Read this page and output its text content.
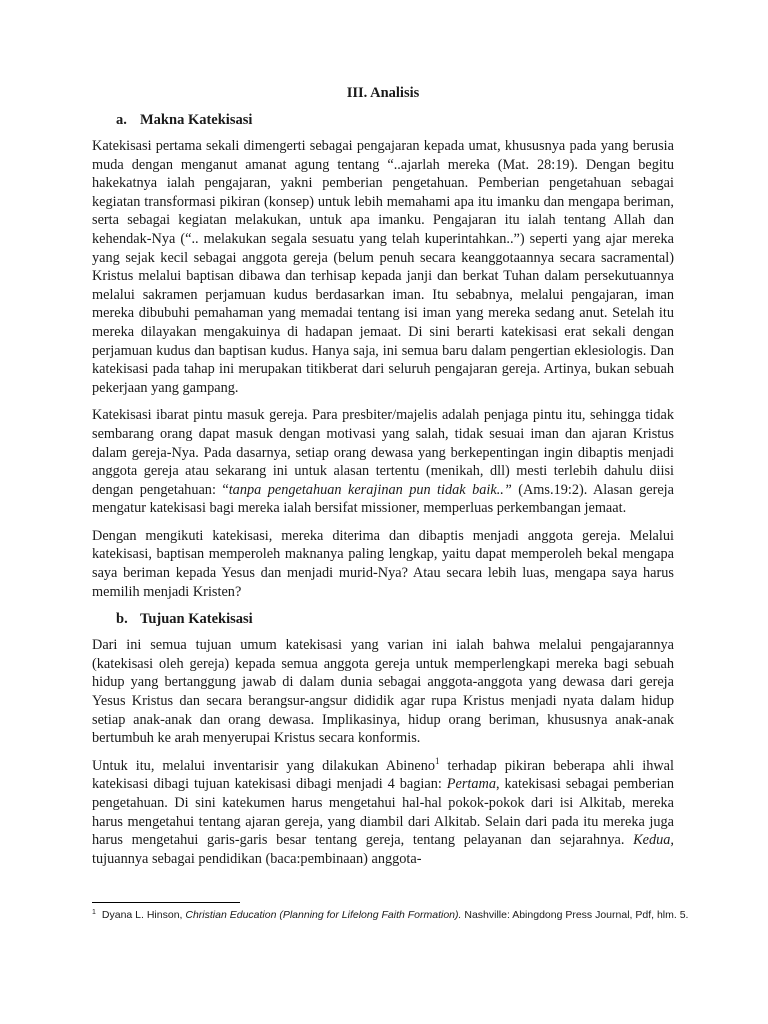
III. Analisis
a. Makna Katekisasi

Katekisasi pertama sekali dimengerti sebagai pengajaran kepada umat, khususnya pada yang berusia muda dengan menganut amanat agung tentang “..ajarlah mereka (Mat. 28:19). Dengan begitu hakekatnya ialah pengajaran, yakni pemberian pengetahuan. Pemberian pengetahuan sebagai kegiatan transformasi pikiran (konsep) untuk lebih memahami apa itu imanku dan mengapa beriman, serta sebagai kegiatan melakukan, untuk apa imanku. Pengajaran itu ialah tentang Allah dan kehendak-Nya (“.. melakukan segala sesuatu yang telah kuperintahkan..”) seperti yang ajar mereka yang sejak kecil sebagai anggota gereja (belum penuh secara keanggotaannya secara sacramental) Kristus melalui baptisan dibawa dan terhisap kepada janji dan berkat Tuhan dalam persekutuannya melalui sakramen perjamuan kudus berdasarkan iman. Itu sebabnya, melalui pengajaran, iman mereka dibubuhi pemahaman yang memadai tentang isi iman yang mereka sedang anut. Setelah itu mereka dilayakan mengakuinya di hadapan jemaat. Di sini berarti katekisasi erat sekali dengan perjamuan kudus dan baptisan kudus. Hanya saja, ini semua baru dalam pengertian eklesiologis. Dan katekisasi pada tahap ini merupakan titikberat dari seluruh pengajaran gereja. Artinya, bukan sebuah pekerjaan yang gampang.

Katekisasi ibarat pintu masuk gereja. Para presbiter/majelis adalah penjaga pintu itu, sehingga tidak sembarang orang dapat masuk dengan motivasi yang salah, tidak sesuai iman dan ajaran Kristus dalam gereja-Nya. Pada dasarnya, setiap orang dewasa yang berkepentingan ingin dibaptis menjadi anggota gereja atau sekarang ini untuk alasan tertentu (menikah, dll) mesti terlebih dahulu diisi dengan pengetahuan: “tanpa pengetahuan kerajinan pun tidak baik..” (Ams.19:2). Alasan gereja mengatur katekisasi bagi mereka ialah bersifat missioner, memperluas perkembangan jemaat.

Dengan mengikuti katekisasi, mereka diterima dan dibaptis menjadi anggota gereja. Melalui katekisasi, baptisan memperoleh maknanya paling lengkap, yaitu dapat memperoleh bekal mengapa saya beriman kepada Yesus dan menjadi murid-Nya? Atau secara lebih luas, mengapa saya harus memilih menjadi Kristen?

b. Tujuan Katekisasi

Dari ini semua tujuan umum katekisasi yang varian ini ialah bahwa melalui pengajarannya (katekisasi oleh gereja) kepada semua anggota gereja untuk memperlengkapi mereka bagi sebuah hidup yang bertanggung jawab di dalam dunia sebagai anggota-anggota yang dewasa dari gereja Yesus Kristus dan secara berangsur-angsur dididik agar rupa Kristus menjadi nyata dalam hidup setiap anak-anak dan orang dewasa. Implikasinya, hidup orang beriman, khususnya anak-anak bertumbuh ke arah menyerupai Kristus secara konformis.

Untuk itu, melalui inventarisir yang dilakukan Abineno$^1$ terhadap pikiran beberapa ahli ihwal katekisasi dibagi tujuan katekisasi dibagi menjadi 4 bagian: Pertama, katekisasi sebagai pemberian pengetahuan. Di sini katekumen harus mengetahui hal-hal pokok-pokok dari isi Alkitab, mereka harus mengetahui tentang ajaran gereja, yang diambil dari Alkitab. Selain dari pada itu mereka juga harus mengetahui garis-garis besar tentang gereja, tentang pelayanan dan sejarahnya. Kedua, tujuannya sebagai pendidikan (baca:pembinaan) anggota-

$^1$ Dyana L. Hinson, Christian Education (Planning for Lifelong Faith Formation). Nashville: Abingdong Press Journal, Pdf, hlm. 5.
